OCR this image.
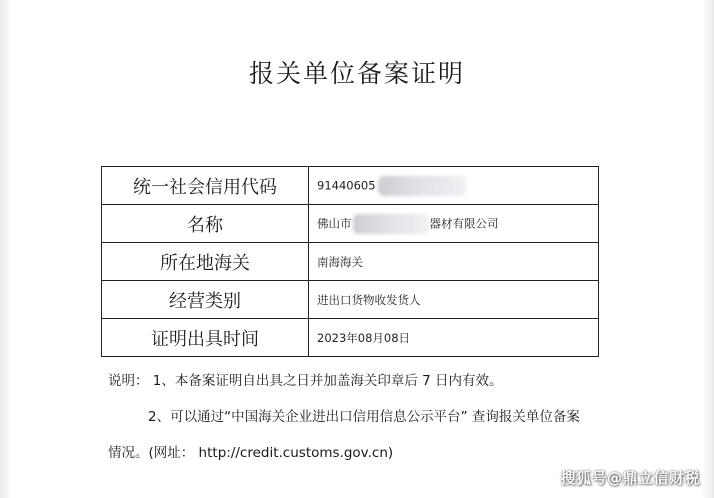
报关单位备案证明
统一社会信用代码	91440605
名称	佛山市 器材有限公司
所在地海关	南海海关
经营类别	进出口货物收发货人
证明出具时间	2023年08月08日
说明： 1、本备案证明自出具之日并加盖海关印章后 7 日内有效。
2、可以通过“中国海关企业进出口信用信息公示平台” 查询报关单位备案
情况。(网址： http://credit.customs.gov.cn)
搜狐号@鼎立信财税
